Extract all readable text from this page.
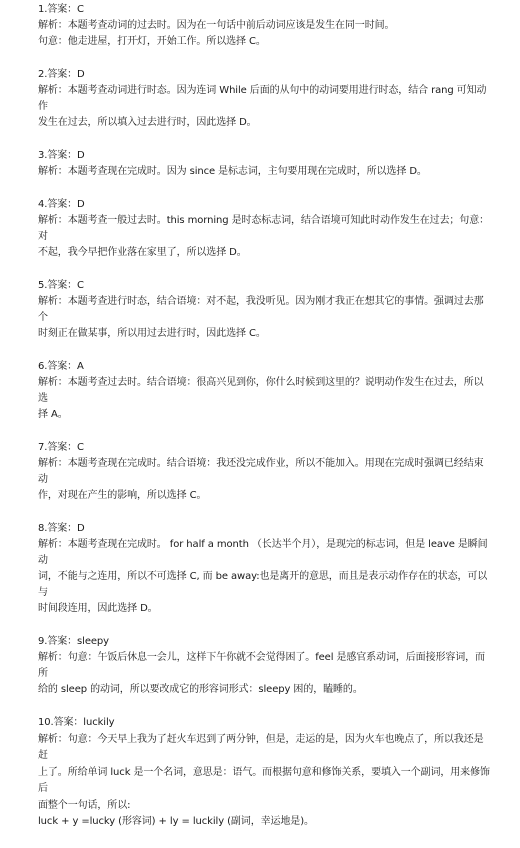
1.答案：C
解析：本题考查动词的过去时。因为在一句话中前后动词应该是发生在同一时间。
句意：他走进屋，打开灯，开始工作。所以选择 C。
2.答案：D
解析：本题考查动词进行时态。因为连词 While 后面的从句中的动词要用进行时态，结合 rang 可知动作
发生在过去，所以填入过去进行时，因此选择 D。
3.答案：D
解析：本题考查现在完成时。因为 since 是标志词，主句要用现在完成时，所以选择 D。
4.答案：D
解析：本题考查一般过去时。this morning 是时态标志词，结合语境可知此时动作发生在过去；句意：对
不起，我今早把作业落在家里了，所以选择 D。
5.答案：C
解析：本题考查进行时态，结合语境：对不起，我没听见。因为刚才我正在想其它的事情。强调过去那个
时刻正在做某事，所以用过去进行时，因此选择 C。
6.答案：A
解析：本题考查过去时。结合语境：很高兴见到你，你什么时候到这里的？说明动作发生在过去，所以选
择 A。
7.答案：C
解析：本题考查现在完成时。结合语境：我还没完成作业，所以不能加入。用现在完成时强调已经结束动
作，对现在产生的影响，所以选择 C。
8.答案：D
解析：本题考查现在完成时。 for half a month （长达半个月），是现完的标志词，但是 leave 是瞬间动
词，不能与之连用，所以不可选择 C, 而 be away:也是离开的意思，而且是表示动作存在的状态，可以与
时间段连用，因此选择 D。
9.答案：sleepy
解析：句意：午饭后休息一会儿，这样下午你就不会觉得困了。feel 是感官系动词，后面接形容词，而所
给的 sleep 的动词，所以要改成它的形容词形式：sleepy 困的，瞌睡的。
10.答案：luckily
解析：句意：今天早上我为了赶火车迟到了两分钟，但是，走运的是，因为火车也晚点了，所以我还是赶
上了。所给单词 luck 是一个名词，意思是：语气。而根据句意和修饰关系，要填入一个副词，用来修饰后
面整个一句话，所以:
luck + y =lucky (形容词) + ly = luckily (副词，幸运地是)。
